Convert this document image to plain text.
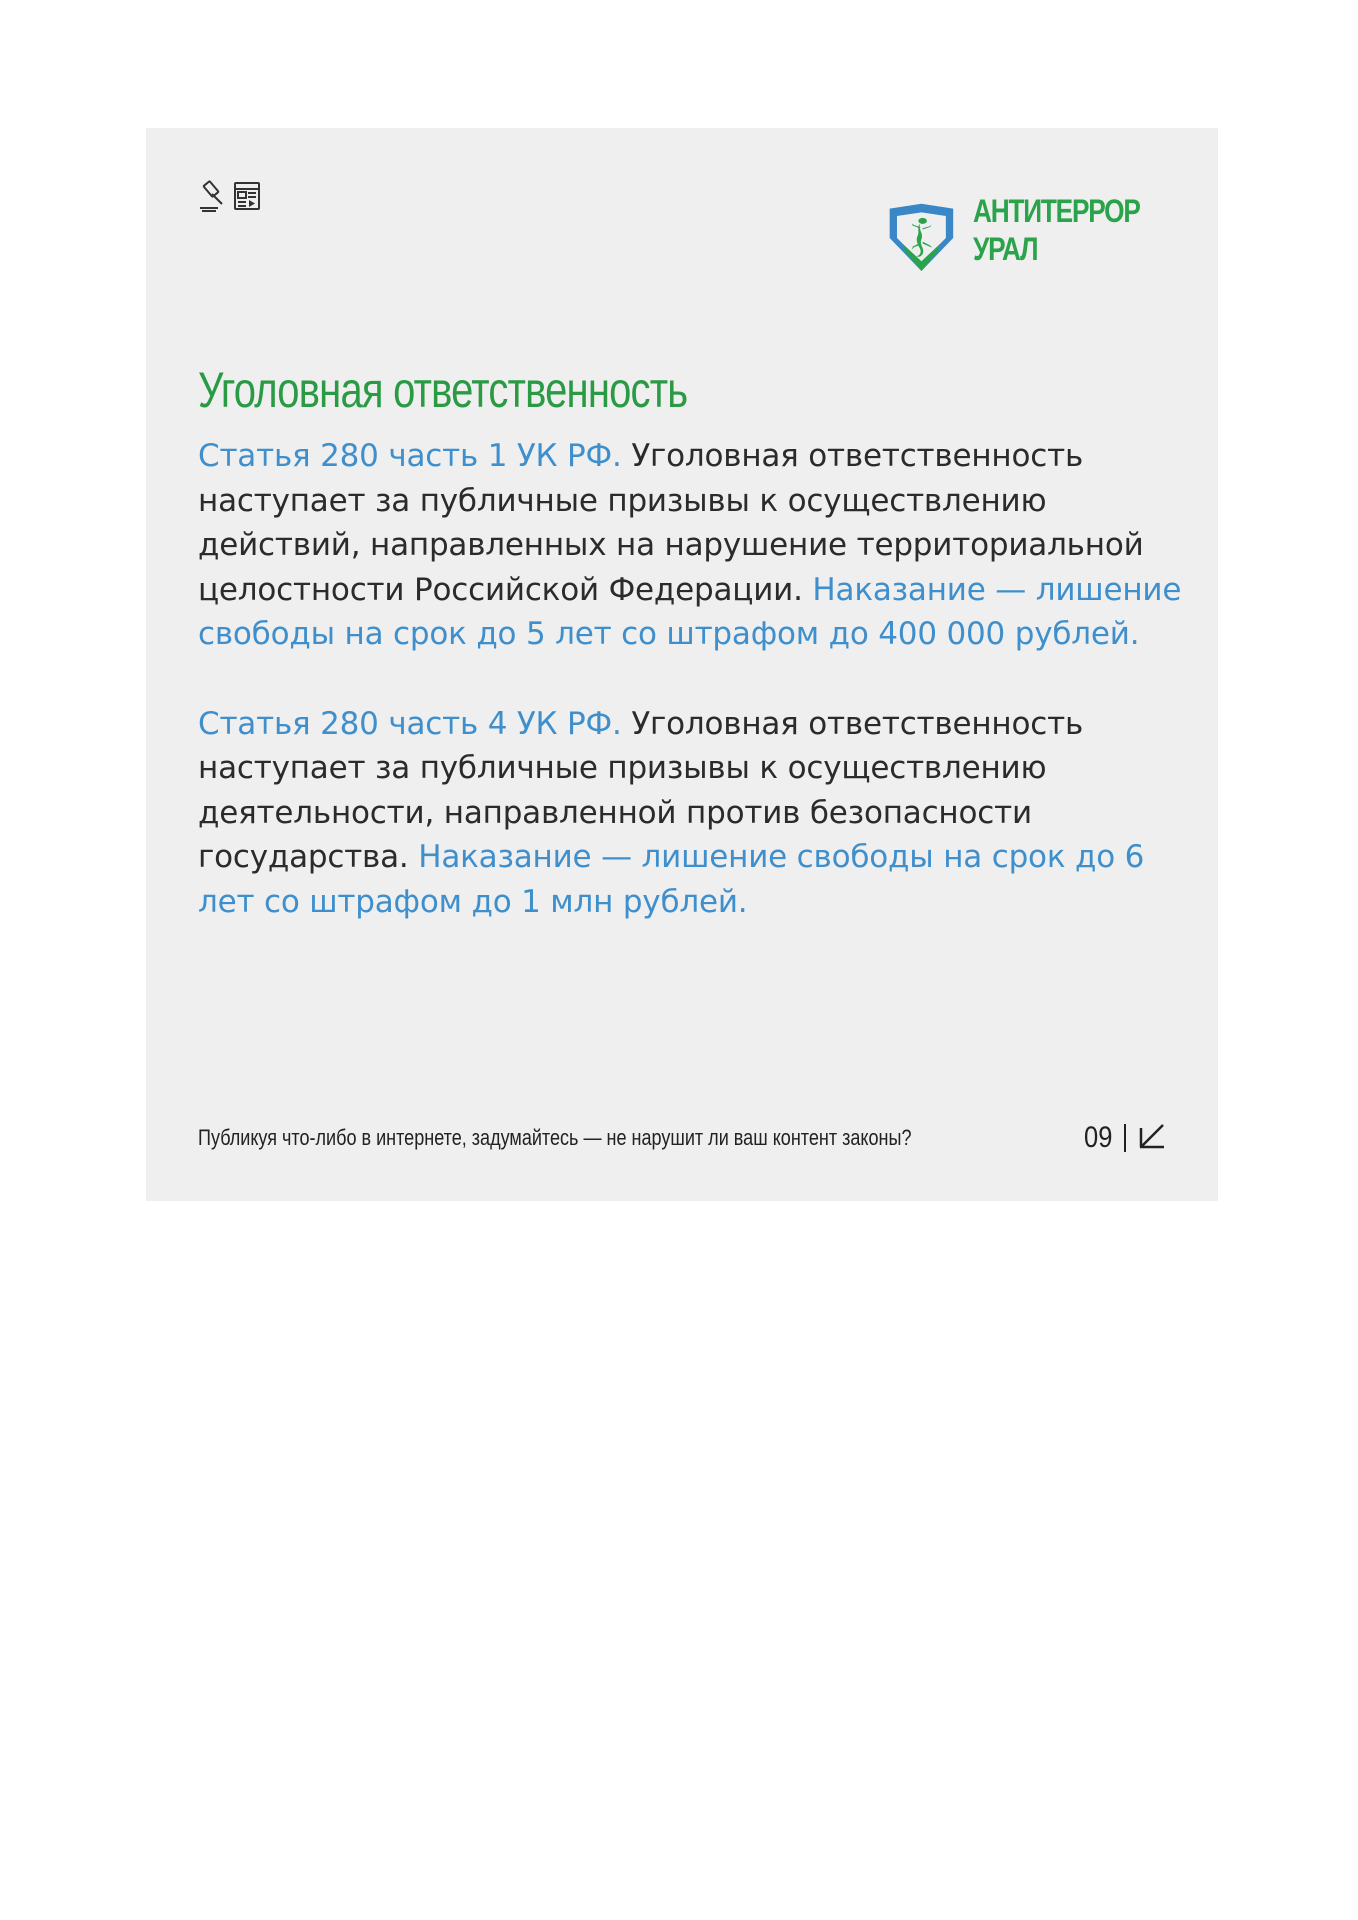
АНТИТЕРРОР
УРАЛ
Уголовная ответственность

Статья 280 часть 1 УК РФ. Уголовная ответственность наступает за публичные призывы к осуществлению действий, направленных на нарушение территориальной целостности Российской Федерации. Наказание — лишение свободы на срок до 5 лет со штрафом до 400 000 рублей.

Статья 280 часть 4 УК РФ. Уголовная ответственность наступает за публичные призывы к осуществлению деятельности, направленной против безопасности государства. Наказание — лишение свободы на срок до 6 лет со штрафом до 1 млн рублей.

Публикуя что-либо в интернете, задумайтесь — не нарушит ли ваш контент законы?	09
